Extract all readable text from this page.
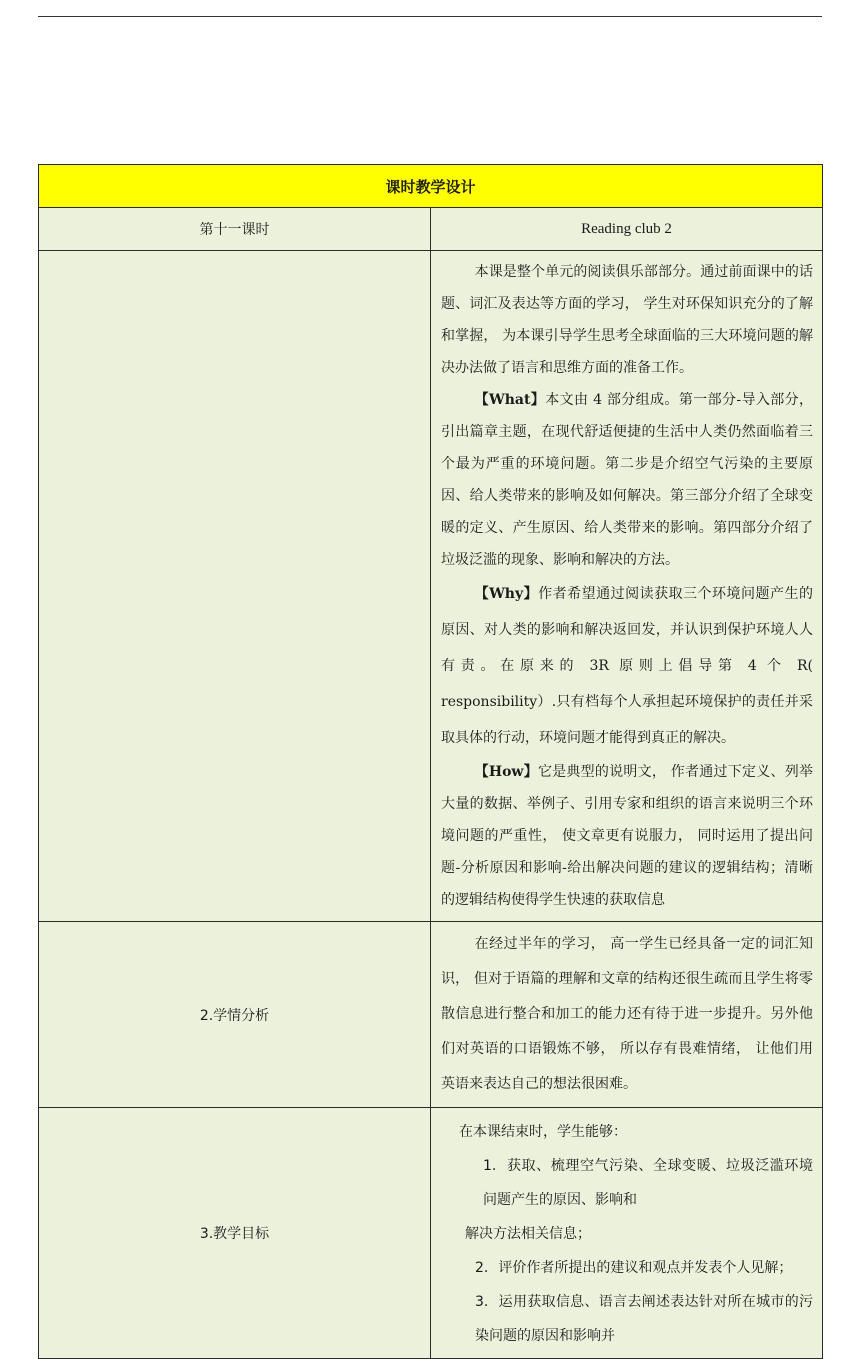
课时教学设计	
第十一课时	Reading club 2

	本课是整个单元的阅读俱乐部部分。通过前面课中的话题、词汇及表达等方面的学习， 学生对环保知识充分的了解和掌握， 为本课引导学生思考全球面临的三大环境问题的解决办法做了语言和思维方面的准备工作。

【What】本文由 4 部分组成。第一部分-导入部分，引出篇章主题，在现代舒适便捷的生活中人类仍然面临着三个最为严重的环境问题。第二步是介绍空气污染的主要原因、给人类带来的影响及如何解决。第三部分介绍了全球变暖的定义、产生原因、给人类带来的影响。第四部分介绍了垃圾泛滥的现象、影响和解决的方法。

【Why】作者希望通过阅读获取三个环境问题产生的原因、对人类的影响和解决返回发，并认识到保护环境人人有责。在原来的 3R 原则上倡导第 4 个 R( responsibility）.只有档每个人承担起环境保护的责任并采取具体的行动，环境问题才能得到真正的解决。

【How】它是典型的说明文， 作者通过下定义、列举大量的数据、举例子、引用专家和组织的语言来说明三个环境问题的严重性， 使文章更有说服力， 同时运用了提出问题-分析原因和影响-给出解决问题的建议的逻辑结构；清晰的逻辑结构使得学生快速的获取信息

2.学情分析	在经过半年的学习， 高一学生已经具备一定的词汇知识， 但对于语篇的理解和文章的结构还很生疏而且学生将零散信息进行整合和加工的能力还有待于进一步提升。另外他们对英语的口语锻炼不够， 所以存有畏难情绪， 让他们用英语来表达自己的想法很困难。

3.教学目标	在本课结束时，学生能够：

1. 获取、梳理空气污染、全球变暖、垃圾泛滥环境问题产生的原因、影响和

解决方法相关信息；

2. 评价作者所提出的建议和观点并发表个人见解；

3. 运用获取信息、语言去阐述表达针对所在城市的污染问题的原因和影响并
